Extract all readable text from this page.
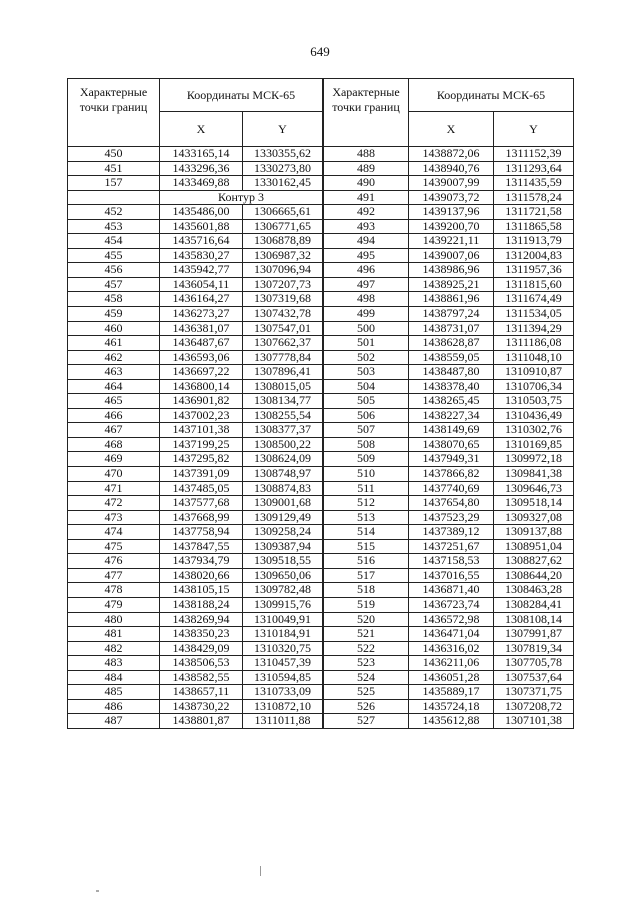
649
Характерные точки границ	Координаты МСК-65	
	X	Y
450	1433165,14	1330355,62
451	1433296,36	1330273,80
157	1433469,88	1330162,45
	Контур 3	
452	1435486,00	1306665,61
453	1435601,88	1306771,65
454	1435716,64	1306878,89
455	1435830,27	1306987,32
456	1435942,77	1307096,94
457	1436054,11	1307207,73
458	1436164,27	1307319,68
459	1436273,27	1307432,78
460	1436381,07	1307547,01
461	1436487,67	1307662,37
462	1436593,06	1307778,84
463	1436697,22	1307896,41
464	1436800,14	1308015,05
465	1436901,82	1308134,77
466	1437002,23	1308255,54
467	1437101,38	1308377,37
468	1437199,25	1308500,22
469	1437295,82	1308624,09
470	1437391,09	1308748,97
471	1437485,05	1308874,83
472	1437577,68	1309001,68
473	1437668,99	1309129,49
474	1437758,94	1309258,24
475	1437847,55	1309387,94
476	1437934,79	1309518,55
477	1438020,66	1309650,06
478	1438105,15	1309782,48
479	1438188,24	1309915,76
480	1438269,94	1310049,91
481	1438350,23	1310184,91
482	1438429,09	1310320,75
483	1438506,53	1310457,39
484	1438582,55	1310594,85
485	1438657,11	1310733,09
486	1438730,22	1310872,10
487	1438801,87	1311011,88
Характерные точки границ	Координаты МСК-65	
	X	Y
488	1438872,06	1311152,39
489	1438940,76	1311293,64
490	1439007,99	1311435,59
491	1439073,72	1311578,24
492	1439137,96	1311721,58
493	1439200,70	1311865,58
494	1439221,11	1311913,79
495	1439007,06	1312004,83
496	1438986,96	1311957,36
497	1438925,21	1311815,60
498	1438861,96	1311674,49
499	1438797,24	1311534,05
500	1438731,07	1311394,29
501	1438628,87	1311186,08
502	1438559,05	1311048,10
503	1438487,80	1310910,87
504	1438378,40	1310706,34
505	1438265,45	1310503,75
506	1438227,34	1310436,49
507	1438149,69	1310302,76
508	1438070,65	1310169,85
509	1437949,31	1309972,18
510	1437866,82	1309841,38
511	1437740,69	1309646,73
512	1437654,80	1309518,14
513	1437523,29	1309327,08
514	1437389,12	1309137,88
515	1437251,67	1308951,04
516	1437158,53	1308827,62
517	1437016,55	1308644,20
518	1436871,40	1308463,28
519	1436723,74	1308284,41
520	1436572,98	1308108,14
521	1436471,04	1307991,87
522	1436316,02	1307819,34
523	1436211,06	1307705,78
524	1436051,28	1307537,64
525	1435889,17	1307371,75
526	1435724,18	1307208,72
527	1435612,88	1307101,38
